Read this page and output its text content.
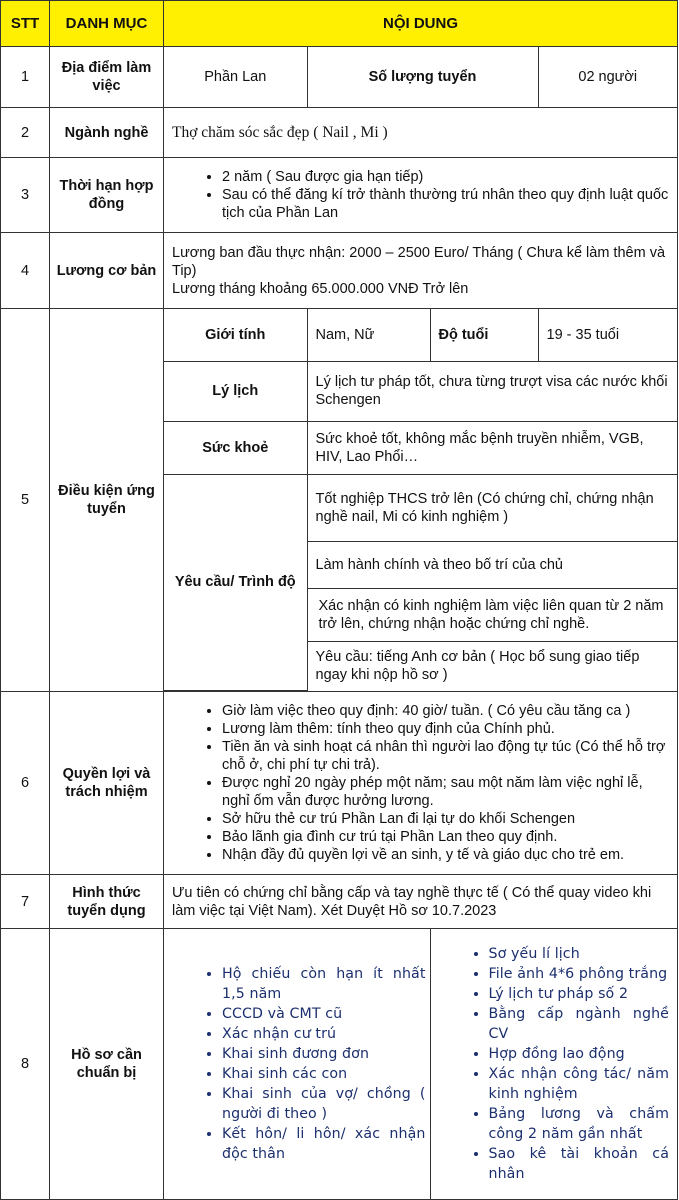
STT	DANH MỤC	NỘI DUNG
1	Địa điểm làm việc	
Phần Lan	Số lượng tuyển	02 người

2	Ngành nghề	Thợ chăm sóc sắc đẹp ( Nail , Mi )
3	Thời hạn hợp đồng	
• 2 năm ( Sau được gia hạn tiếp)
• Sau có thể đăng kí trở thành thường trú nhân theo quy định luật quốc tịch của Phần Lan

4	Lương cơ bản	
Lương ban đầu thực nhận: 2000 – 2500 Euro/ Tháng ( Chưa kể làm thêm và Tip)
Lương tháng khoảng 65.000.000 VNĐ Trở lên

5	Điều kiện ứng tuyển	
Giới tính	Nam, Nữ	Độ tuổi	19 - 35 tuổi
Lý lịch	Lý lịch tư pháp tốt, chưa từng trượt visa các nước khối Schengen
Sức khoẻ	Sức khoẻ tốt, không mắc bệnh truyền nhiễm, VGB, HIV, Lao Phổi…
Yêu cầu/ Trình độ	Tốt nghiệp THCS trở lên (Có chứng chỉ, chứng nhận nghề nail, Mi có kinh nghiệm )
Làm hành chính và theo bố trí của chủ
Xác nhận có kinh nghiệm làm việc liên quan từ 2 năm trở lên, chứng nhận hoặc chứng chỉ nghề.
Yêu cầu: tiếng Anh cơ bản ( Học bổ sung giao tiếp ngay khi nộp hồ sơ )

6	Quyền lợi và trách nhiệm	
• Giờ làm việc theo quy định: 40 giờ/ tuần. ( Có yêu cầu tăng ca )
• Lương làm thêm: tính theo quy định của Chính phủ.
• Tiền ăn và sinh hoạt cá nhân thì người lao động tự túc (Có thể hỗ trợ chỗ ở, chi phí tự chi trả).
• Được nghỉ 20 ngày phép một năm; sau một năm làm việc nghỉ lễ, nghỉ ốm vẫn được hưởng lương.
• Sở hữu thẻ cư trú Phần Lan đi lại tự do khối Schengen
• Bảo lãnh gia đình cư trú tại Phần Lan theo quy định.
• Nhận đầy đủ quyền lợi về an sinh, y tế và giáo dục cho trẻ em.

7	Hình thức tuyển dụng	Ưu tiên có chứng chỉ bằng cấp và tay nghề thực tế ( Có thể quay video khi làm việc tại Việt Nam). Xét Duyệt Hồ sơ 10.7.2023
8	Hồ sơ cần chuẩn bị	
• Hộ chiếu còn hạn ít nhất 1,5 năm
• CCCD và CMT cũ
• Xác nhận cư trú
• Khai sinh đương đơn
• Khai sinh các con
• Khai sinh của vợ/ chồng ( người đi theo )
• Kết hôn/ li hôn/ xác nhận độc thân

• Sơ yếu lí lịch
• File ảnh 4*6 phông trắng
• Lý lịch tư pháp số 2
• Bằng cấp ngành nghề CV
• Hợp đồng lao động
• Xác nhận công tác/ năm kinh nghiệm
• Bảng lương và chấm công 2 năm gần nhất
• Sao kê tài khoản cá nhân
